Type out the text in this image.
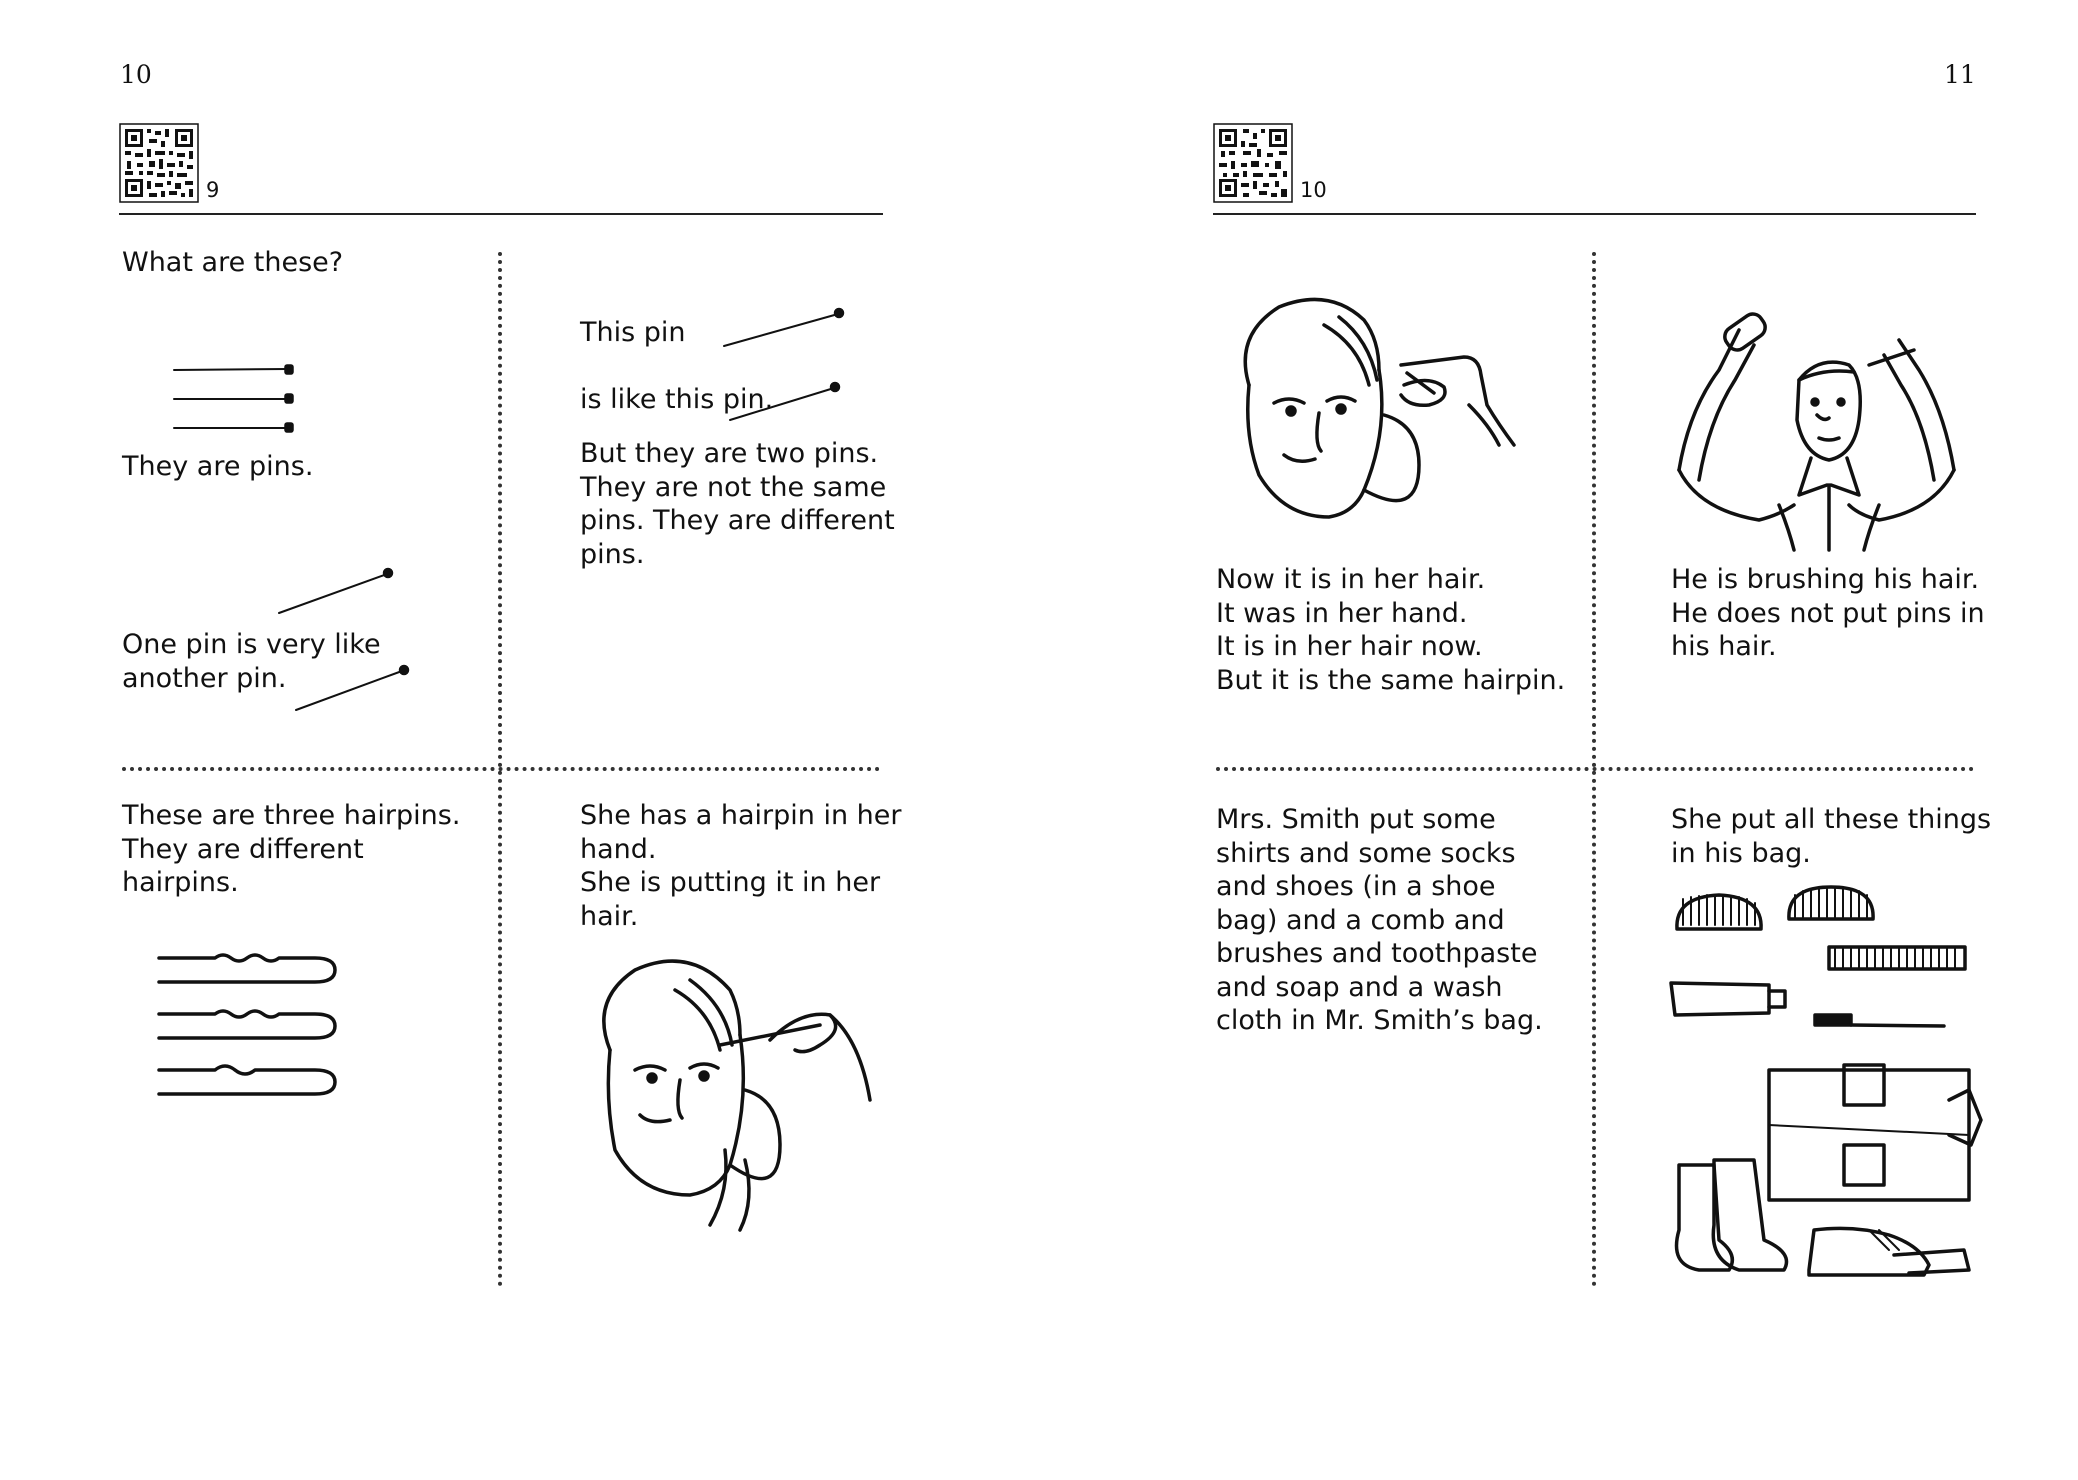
10
9
What are these?
They are pins.
One pin is very like
another pin.
This pin
is like this pin.
But they are two pins.
They are not the same
pins. They are different
pins.
These are three hairpins.
They are different
hairpins.
She has a hairpin in her
hand.
She is putting it in her
hair.
11
10
Now it is in her hair.
It was in her hand.
It is in her hair now.
But it is the same hairpin.
He is brushing his hair.
He does not put pins in
his hair.
Mrs. Smith put some
shirts and some socks
and shoes (in a shoe
bag) and a comb and
brushes and toothpaste
and soap and a wash
cloth in Mr. Smith’s bag.
She put all these things
in his bag.
